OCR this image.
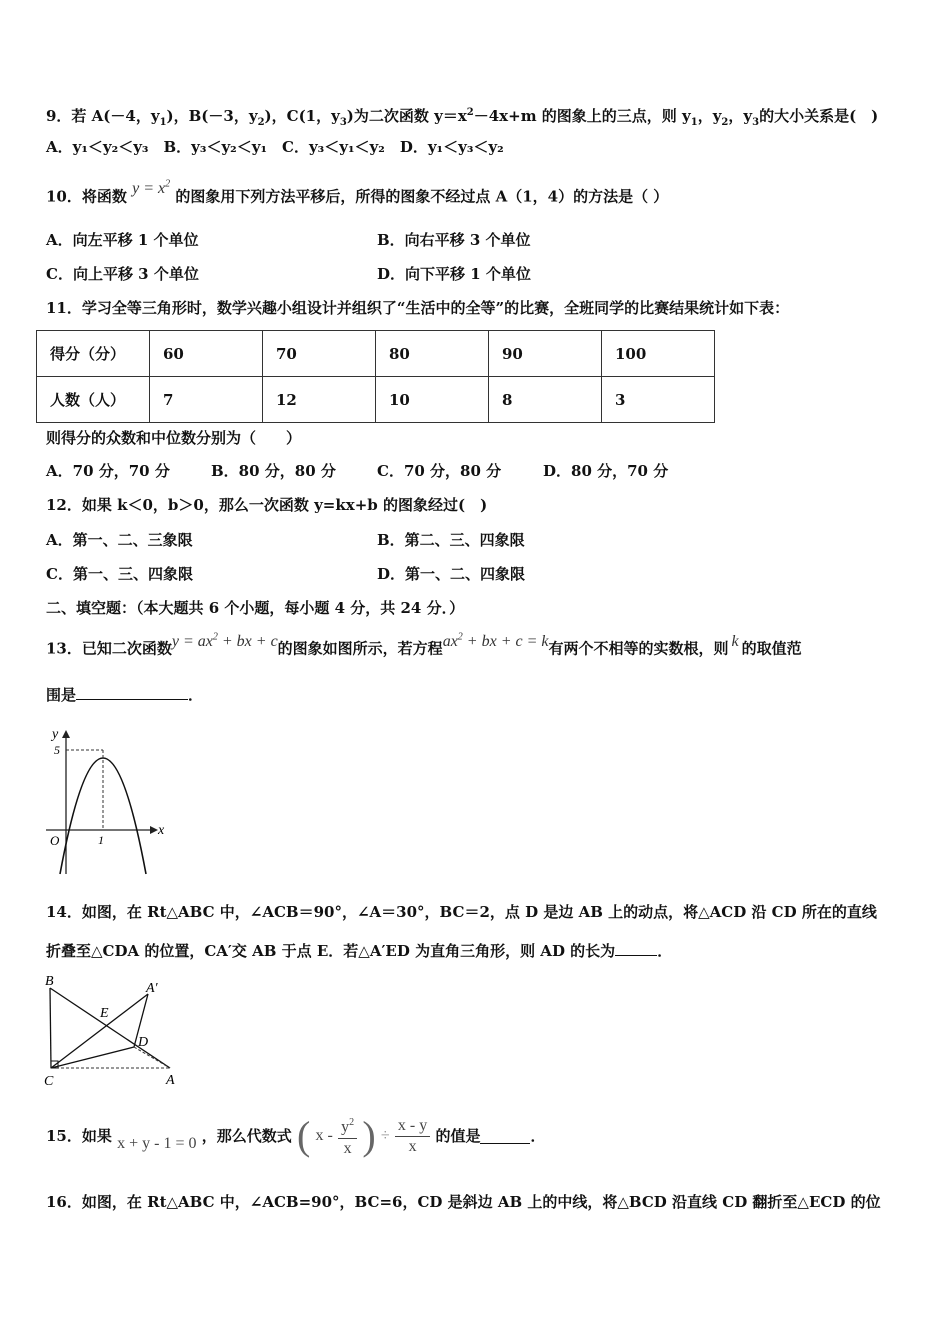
9．若 A(－4，$y_1$)，B(－3，$y_2$)，C(1，$y_3$)为二次函数 $y=x^2-4x+m$ 的图象上的三点，则 $y_1$，$y_2$，$y_3$的大小关系是(　)
A．y₁＜y₂＜y₃　B．y₃＜y₂＜y₁　C．y₃＜y₁＜y₂　D．y₁＜y₃＜y₂
10．将函数 $y = x^2$ 的图象用下列方法平移后，所得的图象不经过点 A（1，4）的方法是（ ）
A．向左平移 1 个单位	B．向右平移 3 个单位
C．向上平移 3 个单位	D．向下平移 1 个单位
11．学习全等三角形时，数学兴趣小组设计并组织了“生活中的全等”的比赛，全班同学的比赛结果统计如下表：
得分（分）	60	70	80	90	100
人数（人）	7	12	10	8	3
则得分的众数和中位数分别为（　　）
A．70 分，70 分	B．80 分，80 分	C．70 分，80 分	D．80 分，70 分
12．如果 k＜0，b＞0，那么一次函数 y=kx+b 的图象经过(　)
A．第一、二、三象限	B．第二、三、四象限
C．第一、三、四象限	D．第一、二、四象限
二、填空题：（本大题共 6 个小题，每小题 4 分，共 24 分．）
13．已知二次函数$y = ax^2$ + bx + c的图象如图所示，若方程$ax^2$ + bx + c = k有两个不相等的实数根，则 k 的取值范
围是	．
y
x
O
5
1
14．如图，在 Rt△ABC 中，∠ACB＝90°，∠A＝30°，BC＝2，点 D 是边 AB 上的动点，将△ACD 沿 CD 所在的直线
折叠至△CDA 的位置，CA′交 AB 于点 E．若△A′ED 为直角三角形，则 AD 的长为	．
B	A′
E
D
C	A
15．如果 x + y - 1 = 0 ，那么代数式 ( x - $\frac{y^2}{x}$ ) ÷ $\frac{x - y}{x}$ 的值是	．
16．如图，在 Rt△ABC 中，∠ACB=90°，BC=6，CD 是斜边 AB 上的中线，将△BCD 沿直线 CD 翻折至△ECD 的位
